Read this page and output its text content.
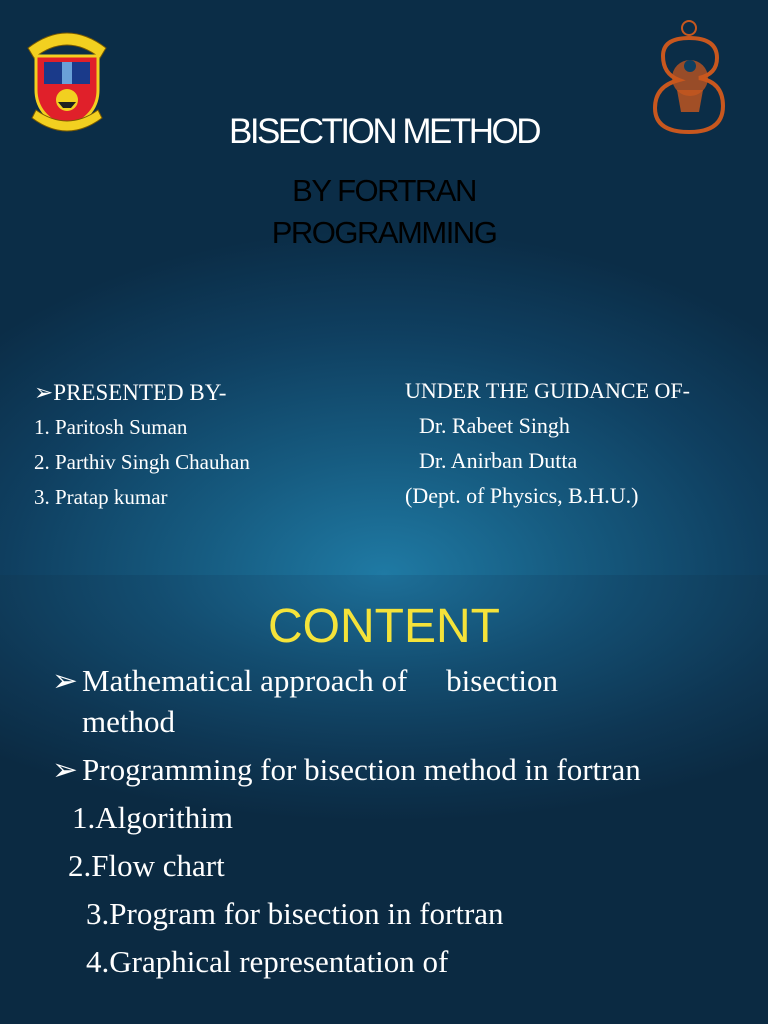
BISECTION METHOD
BY FORTRAN
PROGRAMMING
➢PRESENTED BY-
1. Paritosh Suman
2. Parthiv Singh Chauhan
3. Pratap kumar
UNDER THE GUIDANCE OF-
Dr. Rabeet Singh
Dr. Anirban Dutta
(Dept. of Physics, B.H.U.)
CONTENT
➢ Mathematical approach of     bisection method
➢ Programming for bisection method in fortran
1.Algorithim
2.Flow chart
3.Program for bisection in fortran
4.Graphical representation of
